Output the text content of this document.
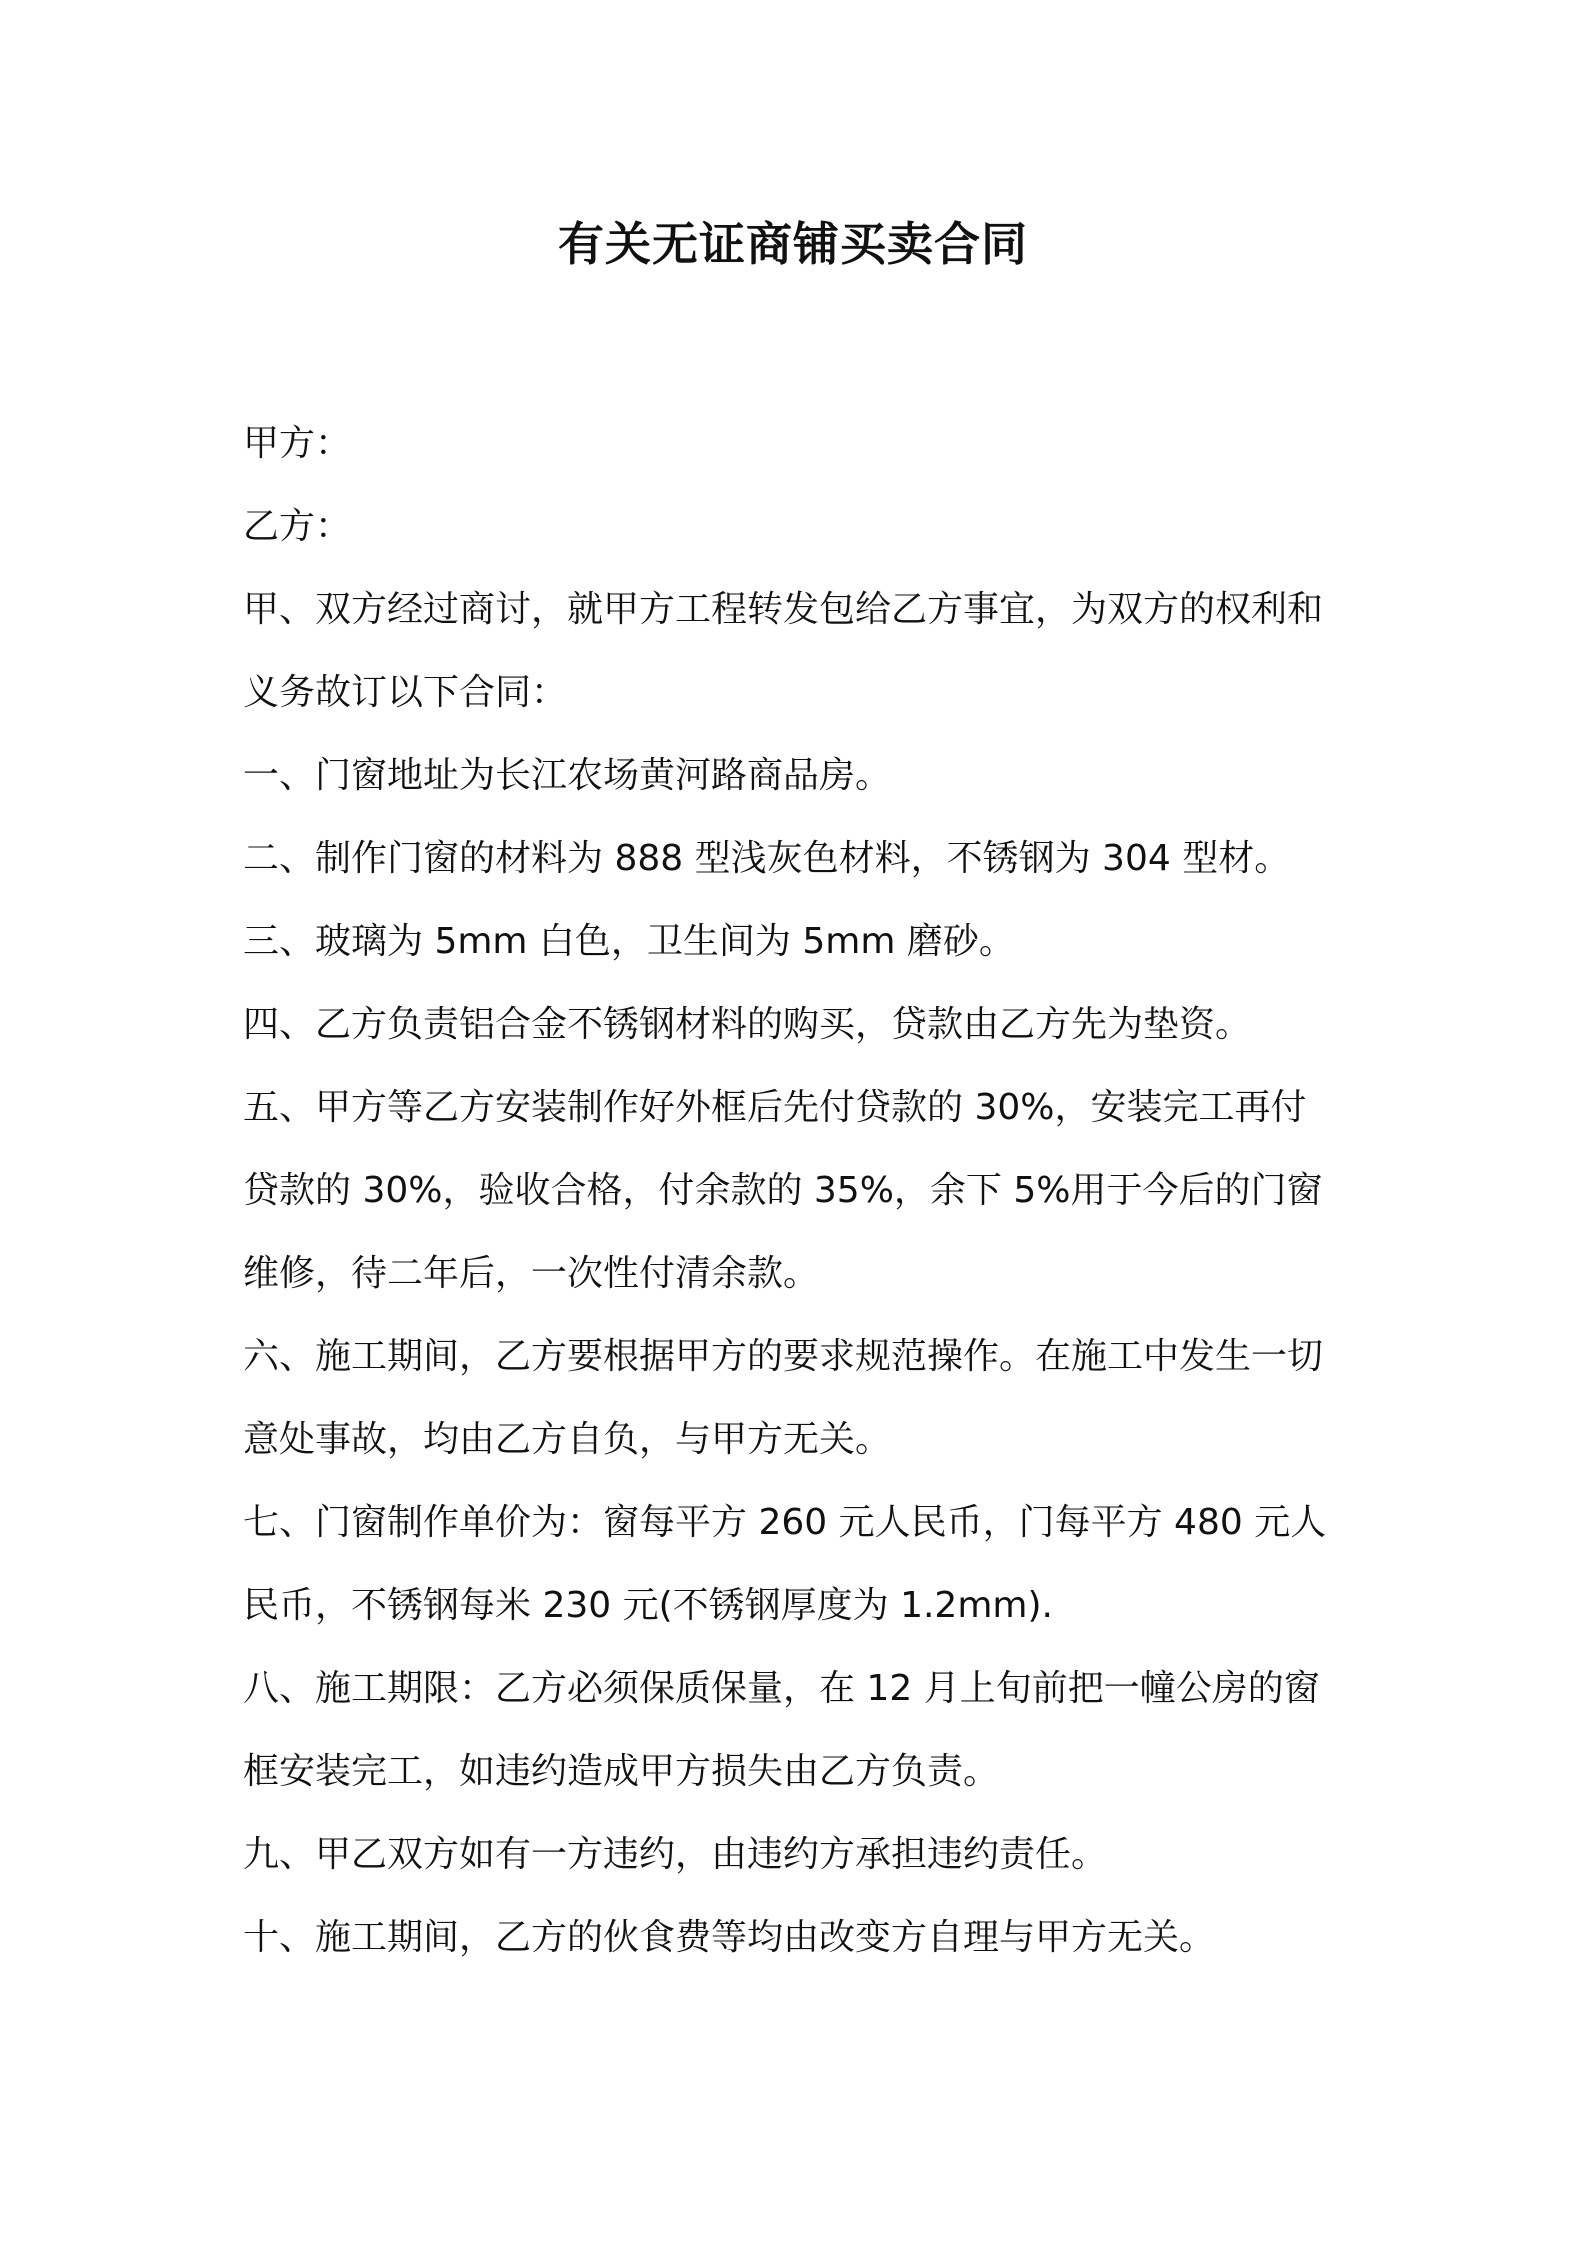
有关无证商铺买卖合同
甲方：
乙方：
甲、双方经过商讨，就甲方工程转发包给乙方事宜，为双方的权利和
义务故订以下合同：
一、门窗地址为长江农场黄河路商品房。
二、制作门窗的材料为 888 型浅灰色材料，不锈钢为 304 型材。
三、玻璃为 5mm 白色，卫生间为 5mm 磨砂。
四、乙方负责铝合金不锈钢材料的购买，贷款由乙方先为垫资。
五、甲方等乙方安装制作好外框后先付贷款的 30%，安装完工再付
贷款的 30%，验收合格，付余款的 35%，余下 5%用于今后的门窗
维修，待二年后，一次性付清余款。
六、施工期间，乙方要根据甲方的要求规范操作。在施工中发生一切
意处事故，均由乙方自负，与甲方无关。
七、门窗制作单价为：窗每平方 260 元人民币，门每平方 480 元人
民币，不锈钢每米 230 元(不锈钢厚度为 1.2mm).
八、施工期限：乙方必须保质保量，在 12 月上旬前把一幢公房的窗
框安装完工，如违约造成甲方损失由乙方负责。
九、甲乙双方如有一方违约，由违约方承担违约责任。
十、施工期间，乙方的伙食费等均由改变方自理与甲方无关。
